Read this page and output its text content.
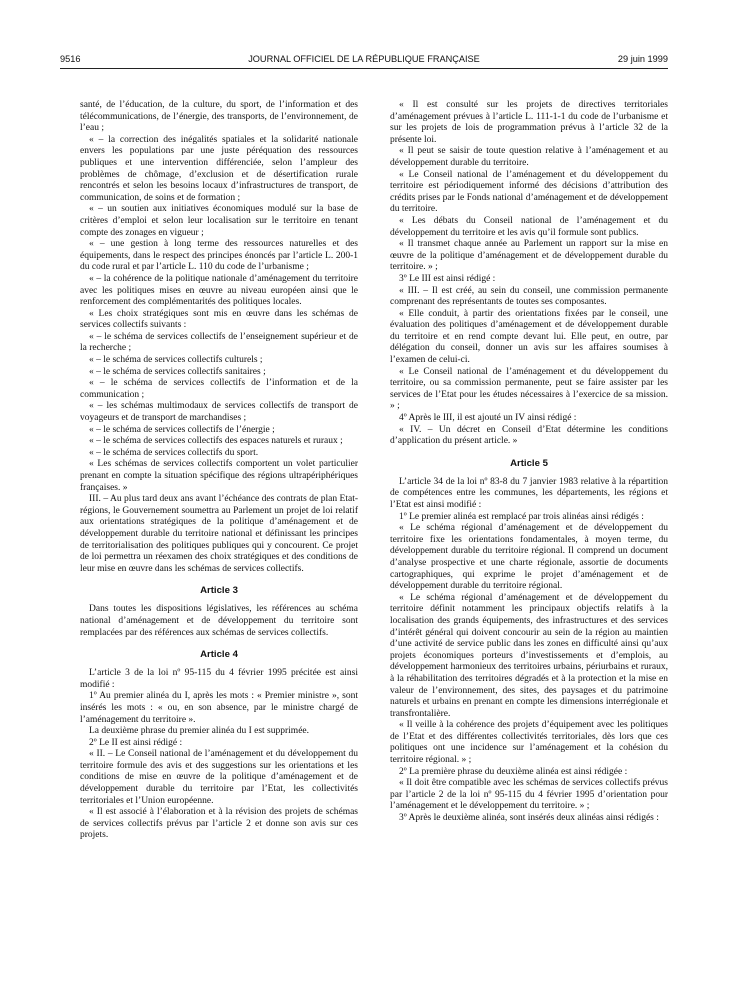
9516	JOURNAL OFFICIEL DE LA RÉPUBLIQUE FRANÇAISE	29 juin 1999

santé, de l’éducation, de la culture, du sport, de l’information et des télécommunications, de l’énergie, des transports, de l’environnement, de l’eau ;

« – la correction des inégalités spatiales et la solidarité nationale envers les populations par une juste péréquation des ressources publiques et une intervention différenciée, selon l’ampleur des problèmes de chômage, d’exclusion et de désertification rurale rencontrés et selon les besoins locaux d’infrastructures de transport, de communication, de soins et de formation ;

« – un soutien aux initiatives économiques modulé sur la base de critères d’emploi et selon leur localisation sur le territoire en tenant compte des zonages en vigueur ;

« – une gestion à long terme des ressources naturelles et des équipements, dans le respect des principes énoncés par l’article L. 200-1 du code rural et par l’article L. 110 du code de l’urbanisme ;

« – la cohérence de la politique nationale d’aménagement du territoire avec les politiques mises en œuvre au niveau européen ainsi que le renforcement des complémentarités des politiques locales.

« Les choix stratégiques sont mis en œuvre dans les schémas de services collectifs suivants :

« – le schéma de services collectifs de l’enseignement supérieur et de la recherche ;

« – le schéma de services collectifs culturels ;

« – le schéma de services collectifs sanitaires ;

« – le schéma de services collectifs de l’information et de la communication ;

« – les schémas multimodaux de services collectifs de transport de voyageurs et de transport de marchandises ;

« – le schéma de services collectifs de l’énergie ;

« – le schéma de services collectifs des espaces naturels et ruraux ;

« – le schéma de services collectifs du sport.

« Les schémas de services collectifs comportent un volet particulier prenant en compte la situation spécifique des régions ultrapériphériques françaises. »

III. – Au plus tard deux ans avant l’échéance des contrats de plan Etat-régions, le Gouvernement soumettra au Parlement un projet de loi relatif aux orientations stratégiques de la politique d’aménagement et de développement durable du territoire national et définissant les principes de territorialisation des politiques publiques qui y concourent. Ce projet de loi permettra un réexamen des choix stratégiques et des conditions de leur mise en œuvre dans les schémas de services collectifs.

Article 3

Dans toutes les dispositions législatives, les références au schéma national d’aménagement et de développement du territoire sont remplacées par des références aux schémas de services collectifs.

Article 4

L’article 3 de la loi nº 95-115 du 4 février 1995 précitée est ainsi modifié :

1º Au premier alinéa du I, après les mots : « Premier ministre », sont insérés les mots : « ou, en son absence, par le ministre chargé de l’aménagement du territoire ».

La deuxième phrase du premier alinéa du I est supprimée.

2º Le II est ainsi rédigé :

« II. – Le Conseil national de l’aménagement et du développement du territoire formule des avis et des suggestions sur les orientations et les conditions de mise en œuvre de la politique d’aménagement et de développement durable du territoire par l’Etat, les collectivités territoriales et l’Union européenne.

« Il est associé à l’élaboration et à la révision des projets de schémas de services collectifs prévus par l’article 2 et donne son avis sur ces projets.

« Il est consulté sur les projets de directives territoriales d’aménagement prévues à l’article L. 111-1-1 du code de l’urbanisme et sur les projets de lois de programmation prévus à l’article 32 de la présente loi.

« Il peut se saisir de toute question relative à l’aménagement et au développement durable du territoire.

« Le Conseil national de l’aménagement et du développement du territoire est périodiquement informé des décisions d’attribution des crédits prises par le Fonds national d’aménagement et de développement du territoire.

« Les débats du Conseil national de l’aménagement et du développement du territoire et les avis qu’il formule sont publics.

« Il transmet chaque année au Parlement un rapport sur la mise en œuvre de la politique d’aménagement et de développement durable du territoire. » ;

3º Le III est ainsi rédigé :

« III. – Il est créé, au sein du conseil, une commission permanente comprenant des représentants de toutes ses composantes.

« Elle conduit, à partir des orientations fixées par le conseil, une évaluation des politiques d’aménagement et de développement durable du territoire et en rend compte devant lui. Elle peut, en outre, par délégation du conseil, donner un avis sur les affaires soumises à l’examen de celui-ci.

« Le Conseil national de l’aménagement et du développement du territoire, ou sa commission permanente, peut se faire assister par les services de l’Etat pour les études nécessaires à l’exercice de sa mission. » ;

4º Après le III, il est ajouté un IV ainsi rédigé :

« IV. – Un décret en Conseil d’Etat détermine les conditions d’application du présent article. »

Article 5

L’article 34 de la loi nº 83-8 du 7 janvier 1983 relative à la répartition de compétences entre les communes, les départements, les régions et l’Etat est ainsi modifié :

1º Le premier alinéa est remplacé par trois alinéas ainsi rédigés :

« Le schéma régional d’aménagement et de développement du territoire fixe les orientations fondamentales, à moyen terme, du développement durable du territoire régional. Il comprend un document d’analyse prospective et une charte régionale, assortie de documents cartographiques, qui exprime le projet d’aménagement et de développement durable du territoire régional.

« Le schéma régional d’aménagement et de développement du territoire définit notamment les principaux objectifs relatifs à la localisation des grands équipements, des infrastructures et des services d’intérêt général qui doivent concourir au sein de la région au maintien d’une activité de service public dans les zones en difficulté ainsi qu’aux projets économiques porteurs d’investissements et d’emplois, au développement harmonieux des territoires urbains, périurbains et ruraux, à la réhabilitation des territoires dégradés et à la protection et la mise en valeur de l’environnement, des sites, des paysages et du patrimoine naturels et urbains en prenant en compte les dimensions interrégionale et transfrontalière.

« Il veille à la cohérence des projets d’équipement avec les politiques de l’Etat et des différentes collectivités territoriales, dès lors que ces politiques ont une incidence sur l’aménagement et la cohésion du territoire régional. » ;

2º La première phrase du deuxième alinéa est ainsi rédigée :

« Il doit être compatible avec les schémas de services collectifs prévus par l’article 2 de la loi nº 95-115 du 4 février 1995 d’orientation pour l’aménagement et le développement du territoire. » ;

3º Après le deuxième alinéa, sont insérés deux alinéas ainsi rédigés :
